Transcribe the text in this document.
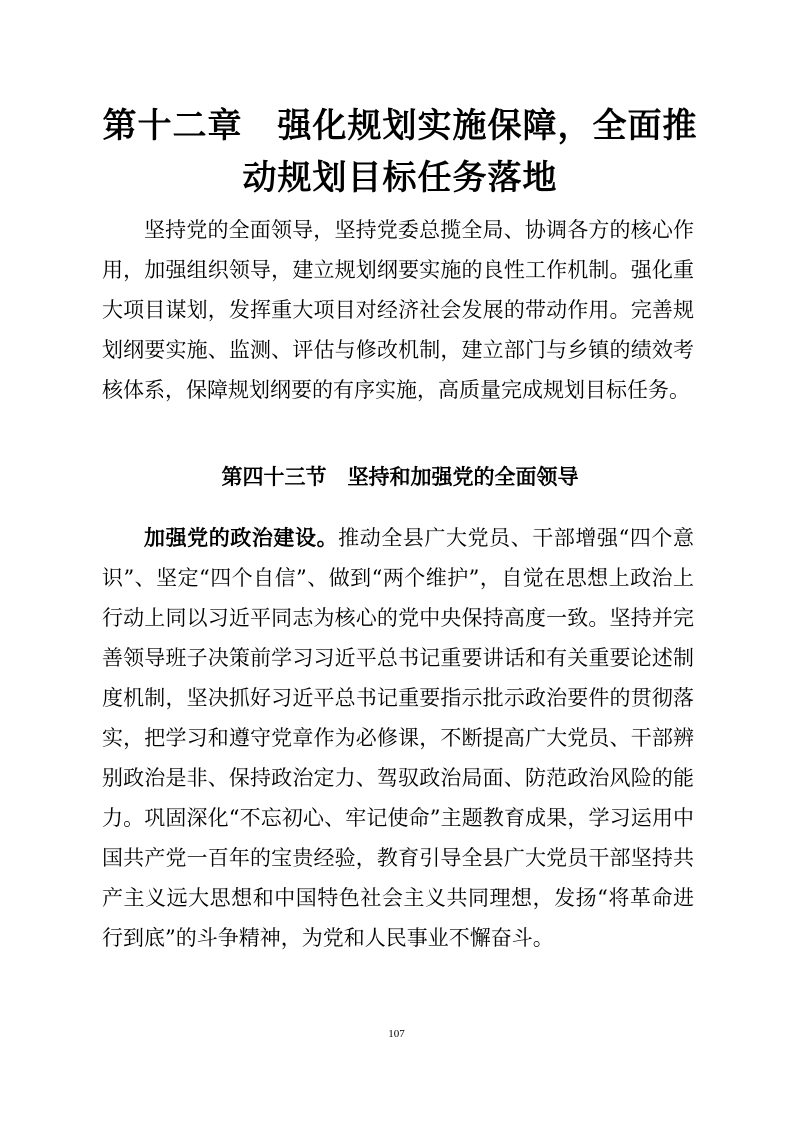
第十二章　强化规划实施保障，全面推动规划目标任务落地

坚持党的全面领导，坚持党委总揽全局、协调各方的核心作用，加强组织领导，建立规划纲要实施的良性工作机制。强化重大项目谋划，发挥重大项目对经济社会发展的带动作用。完善规划纲要实施、监测、评估与修改机制，建立部门与乡镇的绩效考核体系，保障规划纲要的有序实施，高质量完成规划目标任务。

第四十三节　坚持和加强党的全面领导

加强党的政治建设。推动全县广大党员、干部增强“四个意识”、坚定“四个自信”、做到“两个维护”，自觉在思想上政治上行动上同以习近平同志为核心的党中央保持高度一致。坚持并完善领导班子决策前学习习近平总书记重要讲话和有关重要论述制度机制，坚决抓好习近平总书记重要指示批示政治要件的贯彻落实，把学习和遵守党章作为必修课，不断提高广大党员、干部辨别政治是非、保持政治定力、驾驭政治局面、防范政治风险的能力。巩固深化“不忘初心、牢记使命”主题教育成果，学习运用中国共产党一百年的宝贵经验，教育引导全县广大党员干部坚持共产主义远大思想和中国特色社会主义共同理想，发扬“将革命进行到底”的斗争精神，为党和人民事业不懈奋斗。

107
